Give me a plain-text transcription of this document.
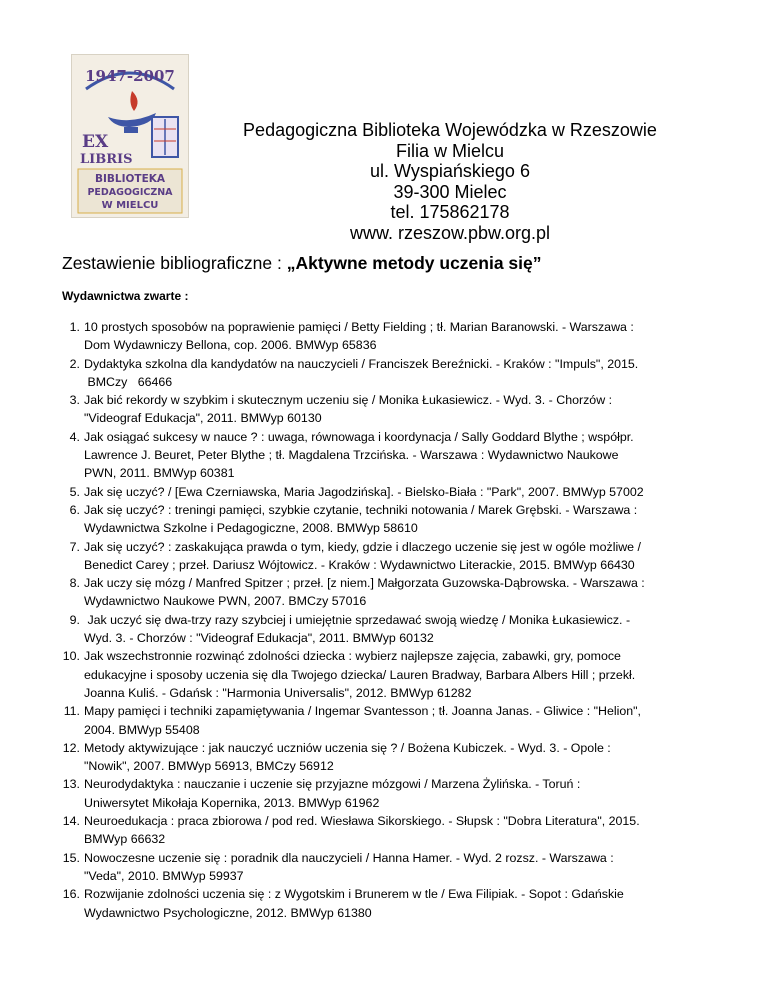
1947-2007
EX
LIBRIS
BIBLIOTEKA
PEDAGOGICZNA
W MIELCU
Pedagogiczna Biblioteka Wojewódzka w Rzeszowie
Filia w Mielcu
ul. Wyspiańskiego 6
39-300 Mielec
tel. 175862178
www. rzeszow.pbw.org.pl
Zestawienie bibliograficzne : „Aktywne metody uczenia się”
Wydawnictwa zwarte :
1. 10 prostych sposobów na poprawienie pamięci / Betty Fielding ; tł. Marian Baranowski. - Warszawa :
Dom Wydawniczy Bellona, cop. 2006. BMWyp 65836
2. Dydaktyka szkolna dla kandydatów na nauczycieli / Franciszek Bereźnicki. - Kraków : "Impuls", 2015.
BMCzy   66466
3. Jak bić rekordy w szybkim i skutecznym uczeniu się / Monika Łukasiewicz. - Wyd. 3. - Chorzów :
"Videograf Edukacja", 2011. BMWyp 60130
4. Jak osiągać sukcesy w nauce ? : uwaga, równowaga i koordynacja / Sally Goddard Blythe ; współpr.
Lawrence J. Beuret, Peter Blythe ; tł. Magdalena Trzcińska. - Warszawa : Wydawnictwo Naukowe
PWN, 2011. BMWyp 60381
5. Jak się uczyć? / [Ewa Czerniawska, Maria Jagodzińska]. - Bielsko-Biała : "Park", 2007. BMWyp 57002
6. Jak się uczyć? : treningi pamięci, szybkie czytanie, techniki notowania / Marek Grębski. - Warszawa :
Wydawnictwa Szkolne i Pedagogiczne, 2008. BMWyp 58610
7. Jak się uczyć? : zaskakująca prawda o tym, kiedy, gdzie i dlaczego uczenie się jest w ogóle możliwe /
Benedict Carey ; przeł. Dariusz Wójtowicz. - Kraków : Wydawnictwo Literackie, 2015. BMWyp 66430
8. Jak uczy się mózg / Manfred Spitzer ; przeł. [z niem.] Małgorzata Guzowska-Dąbrowska. - Warszawa :
Wydawnictwo Naukowe PWN, 2007. BMCzy 57016
9. Jak uczyć się dwa-trzy razy szybciej i umiejętnie sprzedawać swoją wiedzę / Monika Łukasiewicz. -
Wyd. 3. - Chorzów : "Videograf Edukacja", 2011. BMWyp 60132
10. Jak wszechstronnie rozwinąć zdolności dziecka : wybierz najlepsze zajęcia, zabawki, gry, pomoce
edukacyjne i sposoby uczenia się dla Twojego dziecka/ Lauren Bradway, Barbara Albers Hill ; przekł.
Joanna Kuliś. - Gdańsk : "Harmonia Universalis", 2012. BMWyp 61282
11. Mapy pamięci i techniki zapamiętywania / Ingemar Svantesson ; tł. Joanna Janas. - Gliwice : "Helion",
2004. BMWyp 55408
12. Metody aktywizujące : jak nauczyć uczniów uczenia się ? / Bożena Kubiczek. - Wyd. 3. - Opole :
"Nowik", 2007. BMWyp 56913, BMCzy 56912
13. Neurodydaktyka : nauczanie i uczenie się przyjazne mózgowi / Marzena Żylińska. - Toruń :
Uniwersytet Mikołaja Kopernika, 2013. BMWyp 61962
14. Neuroedukacja : praca zbiorowa / pod red. Wiesława Sikorskiego. - Słupsk : "Dobra Literatura", 2015.
BMWyp 66632
15. Nowoczesne uczenie się : poradnik dla nauczycieli / Hanna Hamer. - Wyd. 2 rozsz. - Warszawa :
"Veda", 2010. BMWyp 59937
16. Rozwijanie zdolności uczenia się : z Wygotskim i Brunerem w tle / Ewa Filipiak. - Sopot : Gdańskie
Wydawnictwo Psychologiczne, 2012. BMWyp 61380
